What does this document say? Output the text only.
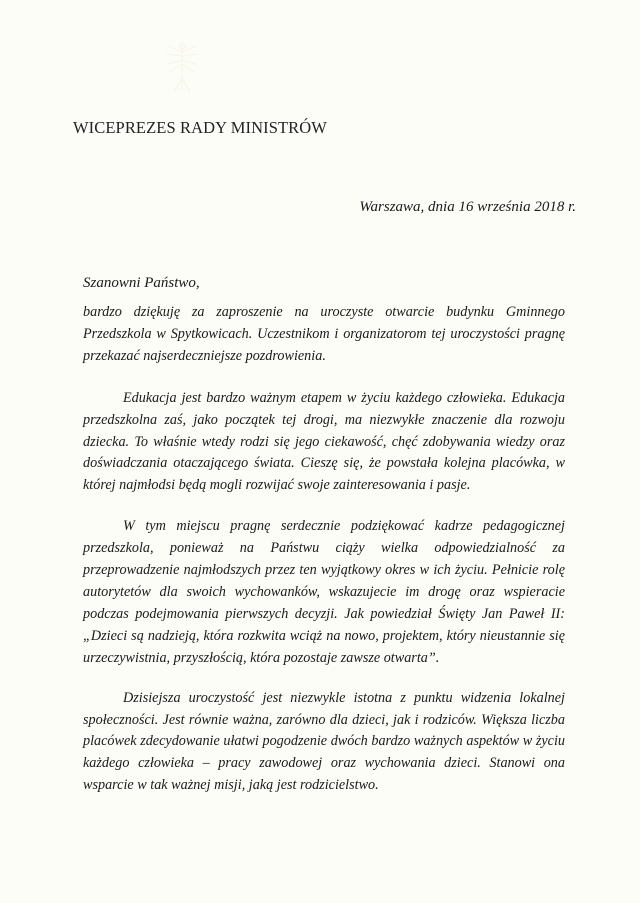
WICEPREZES RADY MINISTRÓW
Warszawa, dnia 16 września 2018 r.
Szanowni Państwo,

bardzo dziękuję za zaproszenie na uroczyste otwarcie budynku Gminnego Przedszkola w Spytkowicach. Uczestnikom i organizatorom tej uroczystości pragnę przekazać najserdeczniejsze pozdrowienia.

Edukacja jest bardzo ważnym etapem w życiu każdego człowieka. Edukacja przedszkolna zaś, jako początek tej drogi, ma niezwykłe znaczenie dla rozwoju dziecka. To właśnie wtedy rodzi się jego ciekawość, chęć zdobywania wiedzy oraz doświadczania otaczającego świata. Cieszę się, że powstała kolejna placówka, w której najmłodsi będą mogli rozwijać swoje zainteresowania i pasje.

W tym miejscu pragnę serdecznie podziękować kadrze pedagogicznej przedszkola, ponieważ na Państwu ciąży wielka odpowiedzialność za przeprowadzenie najmłodszych przez ten wyjątkowy okres w ich życiu. Pełnicie rolę autorytetów dla swoich wychowanków, wskazujecie im drogę oraz wspieracie podczas podejmowania pierwszych decyzji. Jak powiedział Święty Jan Paweł II: „Dzieci są nadzieją, która rozkwita wciąż na nowo, projektem, który nieustannie się urzeczywistnia, przyszłością, która pozostaje zawsze otwarta”.

Dzisiejsza uroczystość jest niezwykle istotna z punktu widzenia lokalnej społeczności. Jest równie ważna, zarówno dla dzieci, jak i rodziców. Większa liczba placówek zdecydowanie ułatwi pogodzenie dwóch bardzo ważnych aspektów w życiu każdego człowieka – pracy zawodowej oraz wychowania dzieci. Stanowi ona wsparcie w tak ważnej misji, jaką jest rodzicielstwo.
